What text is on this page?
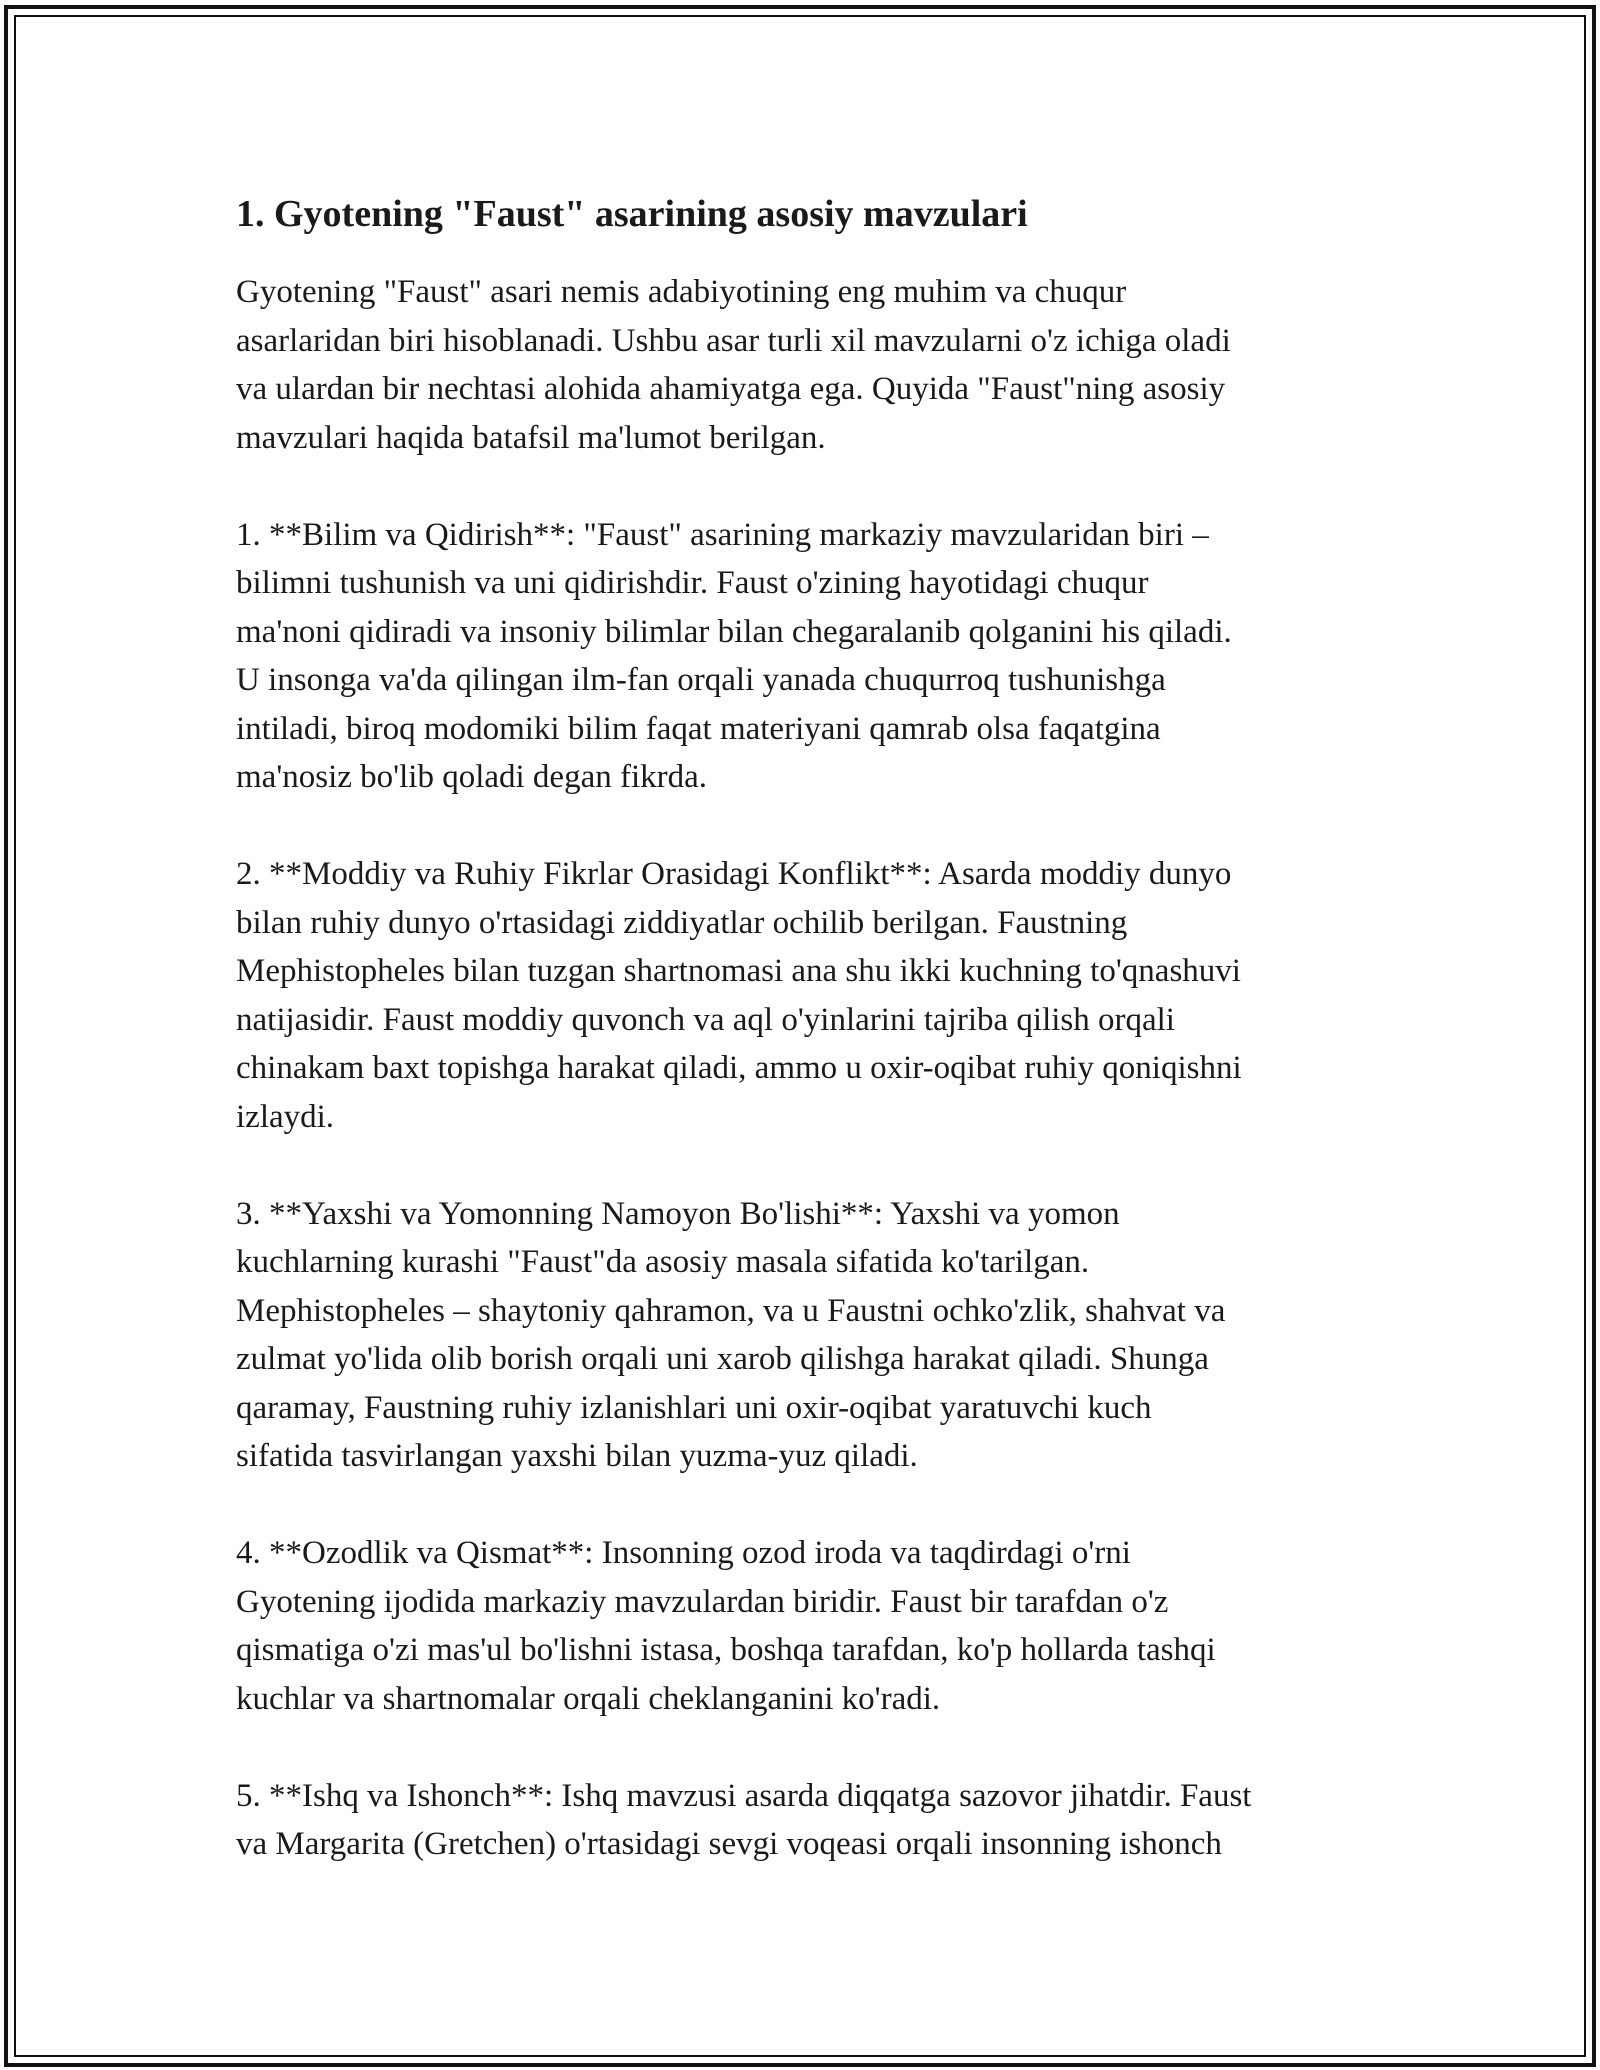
1. Gyotening "Faust" asarining asosiy mavzulari

Gyotening "Faust" asari nemis adabiyotining eng muhim va chuqur
asarlaridan biri hisoblanadi. Ushbu asar turli xil mavzularni o'z ichiga oladi
va ulardan bir nechtasi alohida ahamiyatga ega. Quyida "Faust"ning asosiy
mavzulari haqida batafsil ma'lumot berilgan.

1. **Bilim va Qidirish**: "Faust" asarining markaziy mavzularidan biri –
bilimni tushunish va uni qidirishdir. Faust o'zining hayotidagi chuqur
ma'noni qidiradi va insoniy bilimlar bilan chegaralanib qolganini his qiladi.
U insonga va'da qilingan ilm-fan orqali yanada chuqurroq tushunishga
intiladi, biroq modomiki bilim faqat materiyani qamrab olsa faqatgina
ma'nosiz bo'lib qoladi degan fikrda.

2. **Moddiy va Ruhiy Fikrlar Orasidagi Konflikt**: Asarda moddiy dunyo
bilan ruhiy dunyo o'rtasidagi ziddiyatlar ochilib berilgan. Faustning
Mephistopheles bilan tuzgan shartnomasi ana shu ikki kuchning to'qnashuvi
natijasidir. Faust moddiy quvonch va aql o'yinlarini tajriba qilish orqali
chinakam baxt topishga harakat qiladi, ammo u oxir-oqibat ruhiy qoniqishni
izlaydi.

3. **Yaxshi va Yomonning Namoyon Bo'lishi**: Yaxshi va yomon
kuchlarning kurashi "Faust"da asosiy masala sifatida ko'tarilgan.
Mephistopheles – shaytoniy qahramon, va u Faustni ochko'zlik, shahvat va
zulmat yo'lida olib borish orqali uni xarob qilishga harakat qiladi. Shunga
qaramay, Faustning ruhiy izlanishlari uni oxir-oqibat yaratuvchi kuch
sifatida tasvirlangan yaxshi bilan yuzma-yuz qiladi.

4. **Ozodlik va Qismat**: Insonning ozod iroda va taqdirdagi o'rni
Gyotening ijodida markaziy mavzulardan biridir. Faust bir tarafdan o'z
qismatiga o'zi mas'ul bo'lishni istasa, boshqa tarafdan, ko'p hollarda tashqi
kuchlar va shartnomalar orqali cheklanganini ko'radi.

5. **Ishq va Ishonch**: Ishq mavzusi asarda diqqatga sazovor jihatdir. Faust
va Margarita (Gretchen) o'rtasidagi sevgi voqeasi orqali insonning ishonch
